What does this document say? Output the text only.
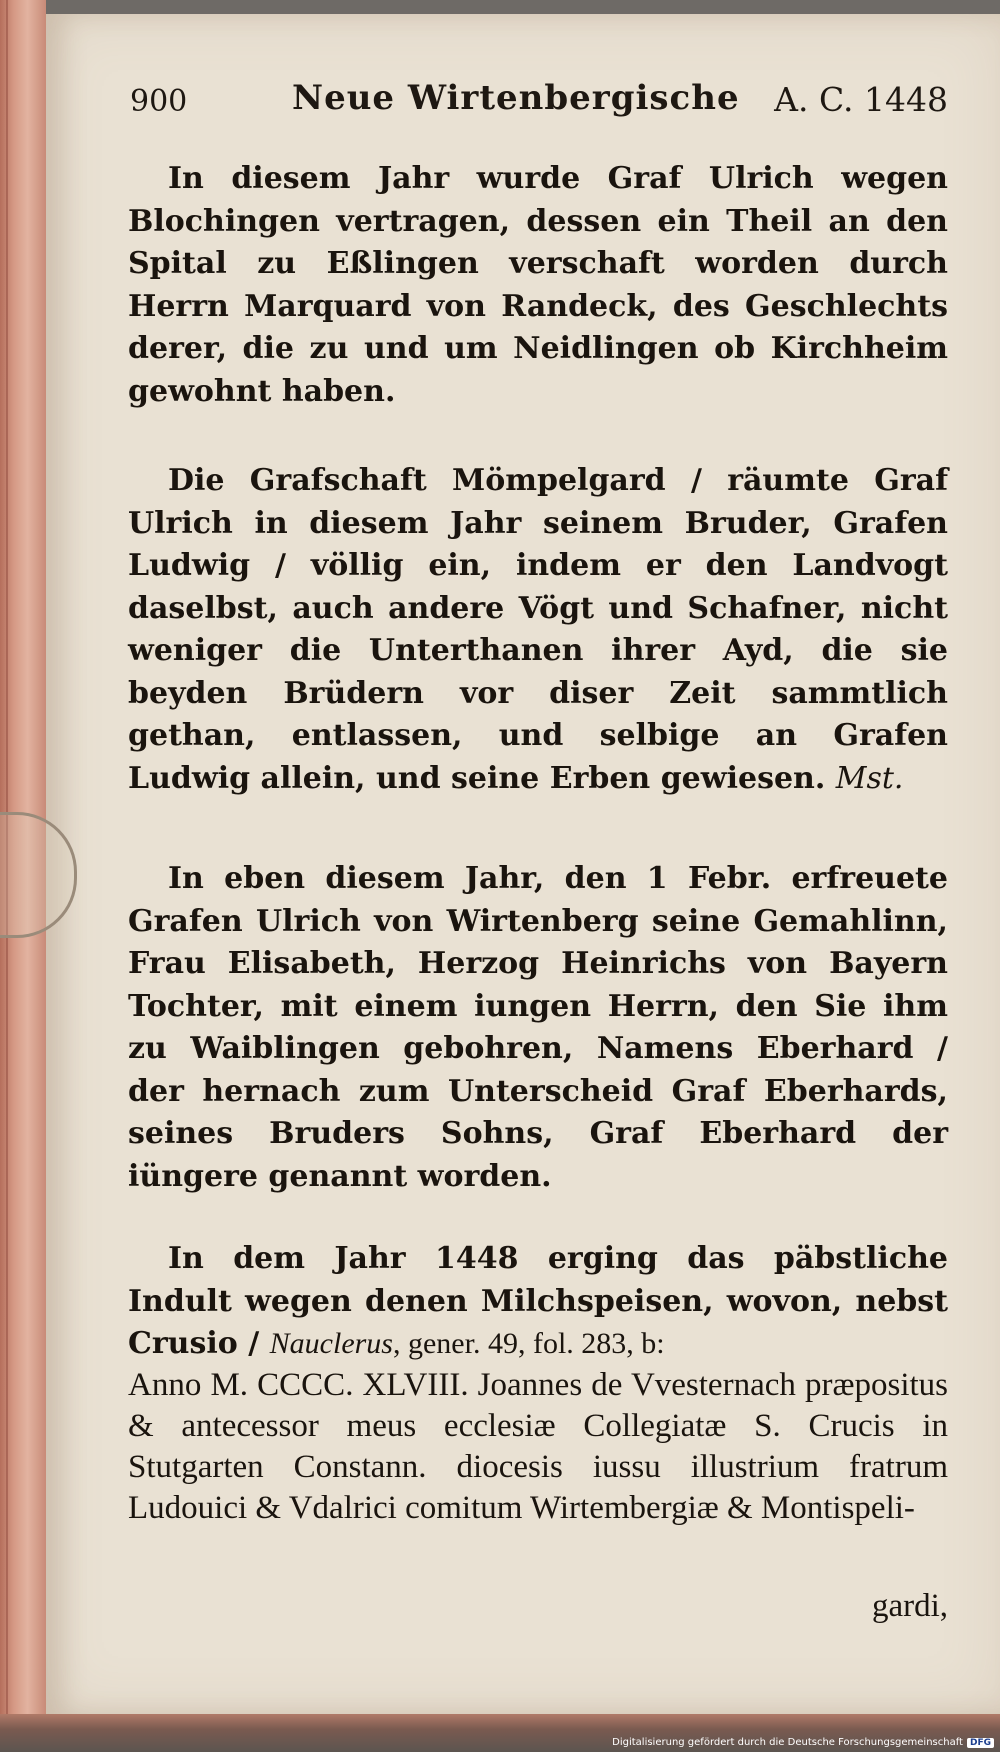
900	Neue Wirtenbergische A. C. 1448

In diesem Jahr wurde Graf Ulrich wegen Blochingen vertragen, dessen ein Theil an den Spital zu Eßlingen verschaft worden durch Herrn Marquard von Randeck, des Geschlechts derer, die zu und um Neidlingen ob Kirchheim gewohnt haben.

Die Grafschaft Mömpelgard / räumte Graf Ulrich in diesem Jahr seinem Bruder, Grafen Ludwig / völlig ein, indem er den Landvogt daselbst, auch andere Vögt und Schafner, nicht weniger die Unterthanen ihrer Ayd, die sie beyden Brüdern vor diser Zeit sammtlich gethan, entlassen, und selbige an Grafen Ludwig allein, und seine Erben gewiesen. Mst.

In eben diesem Jahr, den 1 Febr. erfreuete Grafen Ulrich von Wirtenberg seine Gemahlinn, Frau Elisabeth, Herzog Heinrichs von Bayern Tochter, mit einem iungen Herrn, den Sie ihm zu Waiblingen gebohren, Namens Eberhard / der hernach zum Unterscheid Graf Eberhards, seines Bruders Sohns, Graf Eberhard der iüngere genannt worden.

In dem Jahr 1448 erging das päbstliche Indult wegen denen Milchspeisen, wovon, nebst Crusio / Nauclerus, gener. 49, fol. 283, b:

Anno M. CCCC. XLVIII. Joannes de Vvesternach præpositus & antecessor meus ecclesiæ Collegiatæ S. Crucis in Stutgarten Constann. diocesis iussu illustrium fratrum Ludouici & Vdalrici comitum Wirtembergiæ & Montispeli-

gardi,
Digitalisierung gefördert durch die Deutsche Forschungsgemeinschaft DFG
